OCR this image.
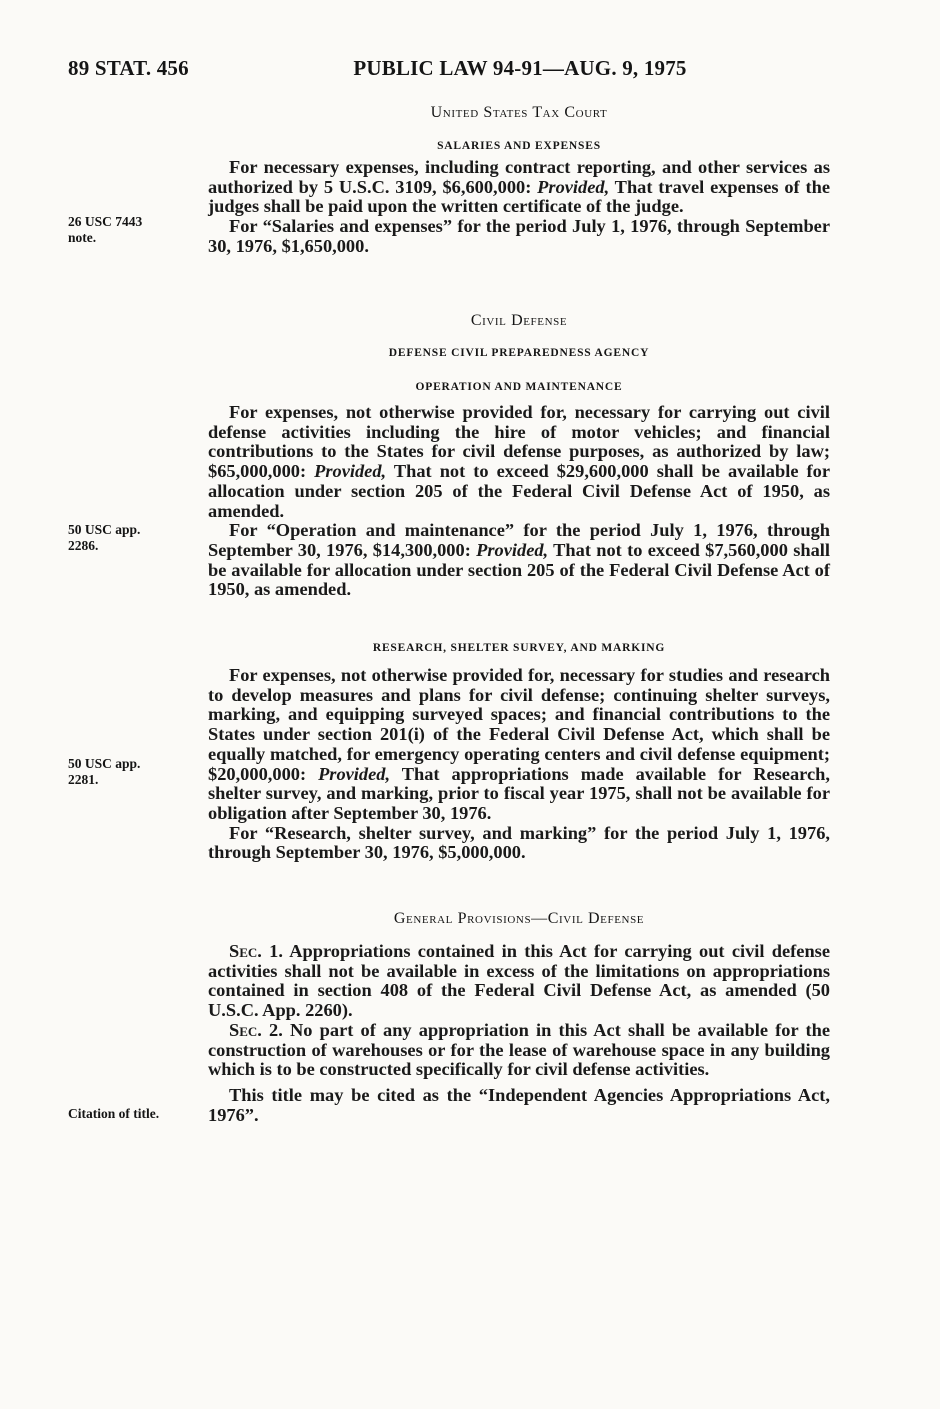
89 STAT. 456	PUBLIC LAW 94-91—AUG. 9, 1975
26 USC 7443
note.
50 USC app.
2286.
50 USC app.
2281.
Citation of title.
United States Tax Court
SALARIES AND EXPENSES

For necessary expenses, including contract reporting, and other services as authorized by 5 U.S.C. 3109, $6,600,000: Provided, That travel expenses of the judges shall be paid upon the written certificate of the judge.

For “Salaries and expenses” for the period July 1, 1976, through September 30, 1976, $1,650,000.

Civil Defense
DEFENSE CIVIL PREPAREDNESS AGENCY
OPERATION AND MAINTENANCE

For expenses, not otherwise provided for, necessary for carrying out civil defense activities including the hire of motor vehicles; and financial contributions to the States for civil defense purposes, as authorized by law; $65,000,000: Provided, That not to exceed $29,600,000 shall be available for allocation under section 205 of the Federal Civil Defense Act of 1950, as amended.

For “Operation and maintenance” for the period July 1, 1976, through September 30, 1976, $14,300,000: Provided, That not to exceed $7,560,000 shall be available for allocation under section 205 of the Federal Civil Defense Act of 1950, as amended.

RESEARCH, SHELTER SURVEY, AND MARKING

For expenses, not otherwise provided for, necessary for studies and research to develop measures and plans for civil defense; continuing shelter surveys, marking, and equipping surveyed spaces; and financial contributions to the States under section 201(i) of the Federal Civil Defense Act, which shall be equally matched, for emergency operating centers and civil defense equipment; $20,000,000: Provided, That appropriations made available for Research, shelter survey, and marking, prior to fiscal year 1975, shall not be available for obligation after September 30, 1976.

For “Research, shelter survey, and marking” for the period July 1, 1976, through September 30, 1976, $5,000,000.

General Provisions—Civil Defense

Sec. 1. Appropriations contained in this Act for carrying out civil defense activities shall not be available in excess of the limitations on appropriations contained in section 408 of the Federal Civil Defense Act, as amended (50 U.S.C. App. 2260).

Sec. 2. No part of any appropriation in this Act shall be available for the construction of warehouses or for the lease of warehouse space in any building which is to be constructed specifically for civil defense activities.

This title may be cited as the “Independent Agencies Appropriations Act, 1976”.
